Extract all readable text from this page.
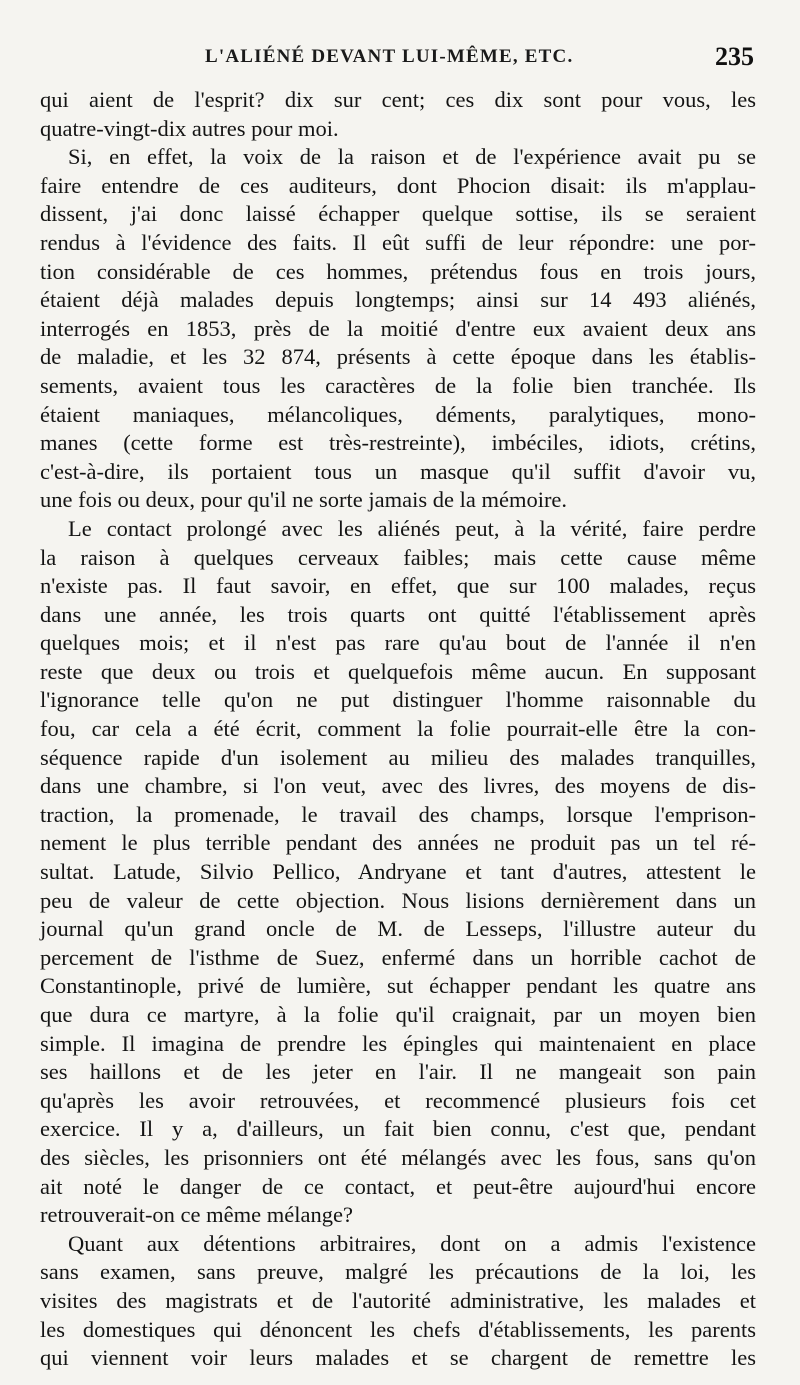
L'ALIÉNÉ DEVANT LUI-MÊME, ETC.	235
qui aient de l'esprit? dix sur cent; ces dix sont pour vous, les
quatre-vingt-dix autres pour moi.
Si, en effet, la voix de la raison et de l'expérience avait pu se
faire entendre de ces auditeurs, dont Phocion disait: ils m'applau-
dissent, j'ai donc laissé échapper quelque sottise, ils se seraient
rendus à l'évidence des faits. Il eût suffi de leur répondre: une por-
tion considérable de ces hommes, prétendus fous en trois jours,
étaient déjà malades depuis longtemps; ainsi sur 14 493 aliénés,
interrogés en 1853, près de la moitié d'entre eux avaient deux ans
de maladie, et les 32 874, présents à cette époque dans les établis-
sements, avaient tous les caractères de la folie bien tranchée. Ils
étaient maniaques, mélancoliques, déments, paralytiques, mono-
manes (cette forme est très-restreinte), imbéciles, idiots, crétins,
c'est-à-dire, ils portaient tous un masque qu'il suffit d'avoir vu,
une fois ou deux, pour qu'il ne sorte jamais de la mémoire.
Le contact prolongé avec les aliénés peut, à la vérité, faire perdre
la raison à quelques cerveaux faibles; mais cette cause même
n'existe pas. Il faut savoir, en effet, que sur 100 malades, reçus
dans une année, les trois quarts ont quitté l'établissement après
quelques mois; et il n'est pas rare qu'au bout de l'année il n'en
reste que deux ou trois et quelquefois même aucun. En supposant
l'ignorance telle qu'on ne put distinguer l'homme raisonnable du
fou, car cela a été écrit, comment la folie pourrait-elle être la con-
séquence rapide d'un isolement au milieu des malades tranquilles,
dans une chambre, si l'on veut, avec des livres, des moyens de dis-
traction, la promenade, le travail des champs, lorsque l'emprison-
nement le plus terrible pendant des années ne produit pas un tel ré-
sultat. Latude, Silvio Pellico, Andryane et tant d'autres, attestent le
peu de valeur de cette objection. Nous lisions dernièrement dans un
journal qu'un grand oncle de M. de Lesseps, l'illustre auteur du
percement de l'isthme de Suez, enfermé dans un horrible cachot de
Constantinople, privé de lumière, sut échapper pendant les quatre ans
que dura ce martyre, à la folie qu'il craignait, par un moyen bien
simple. Il imagina de prendre les épingles qui maintenaient en place
ses haillons et de les jeter en l'air. Il ne mangeait son pain
qu'après les avoir retrouvées, et recommencé plusieurs fois cet
exercice. Il y a, d'ailleurs, un fait bien connu, c'est que, pendant
des siècles, les prisonniers ont été mélangés avec les fous, sans qu'on
ait noté le danger de ce contact, et peut-être aujourd'hui encore
retrouverait-on ce même mélange?
Quant aux détentions arbitraires, dont on a admis l'existence
sans examen, sans preuve, malgré les précautions de la loi, les
visites des magistrats et de l'autorité administrative, les malades et
les domestiques qui dénoncent les chefs d'établissements, les parents
qui viennent voir leurs malades et se chargent de remettre les
